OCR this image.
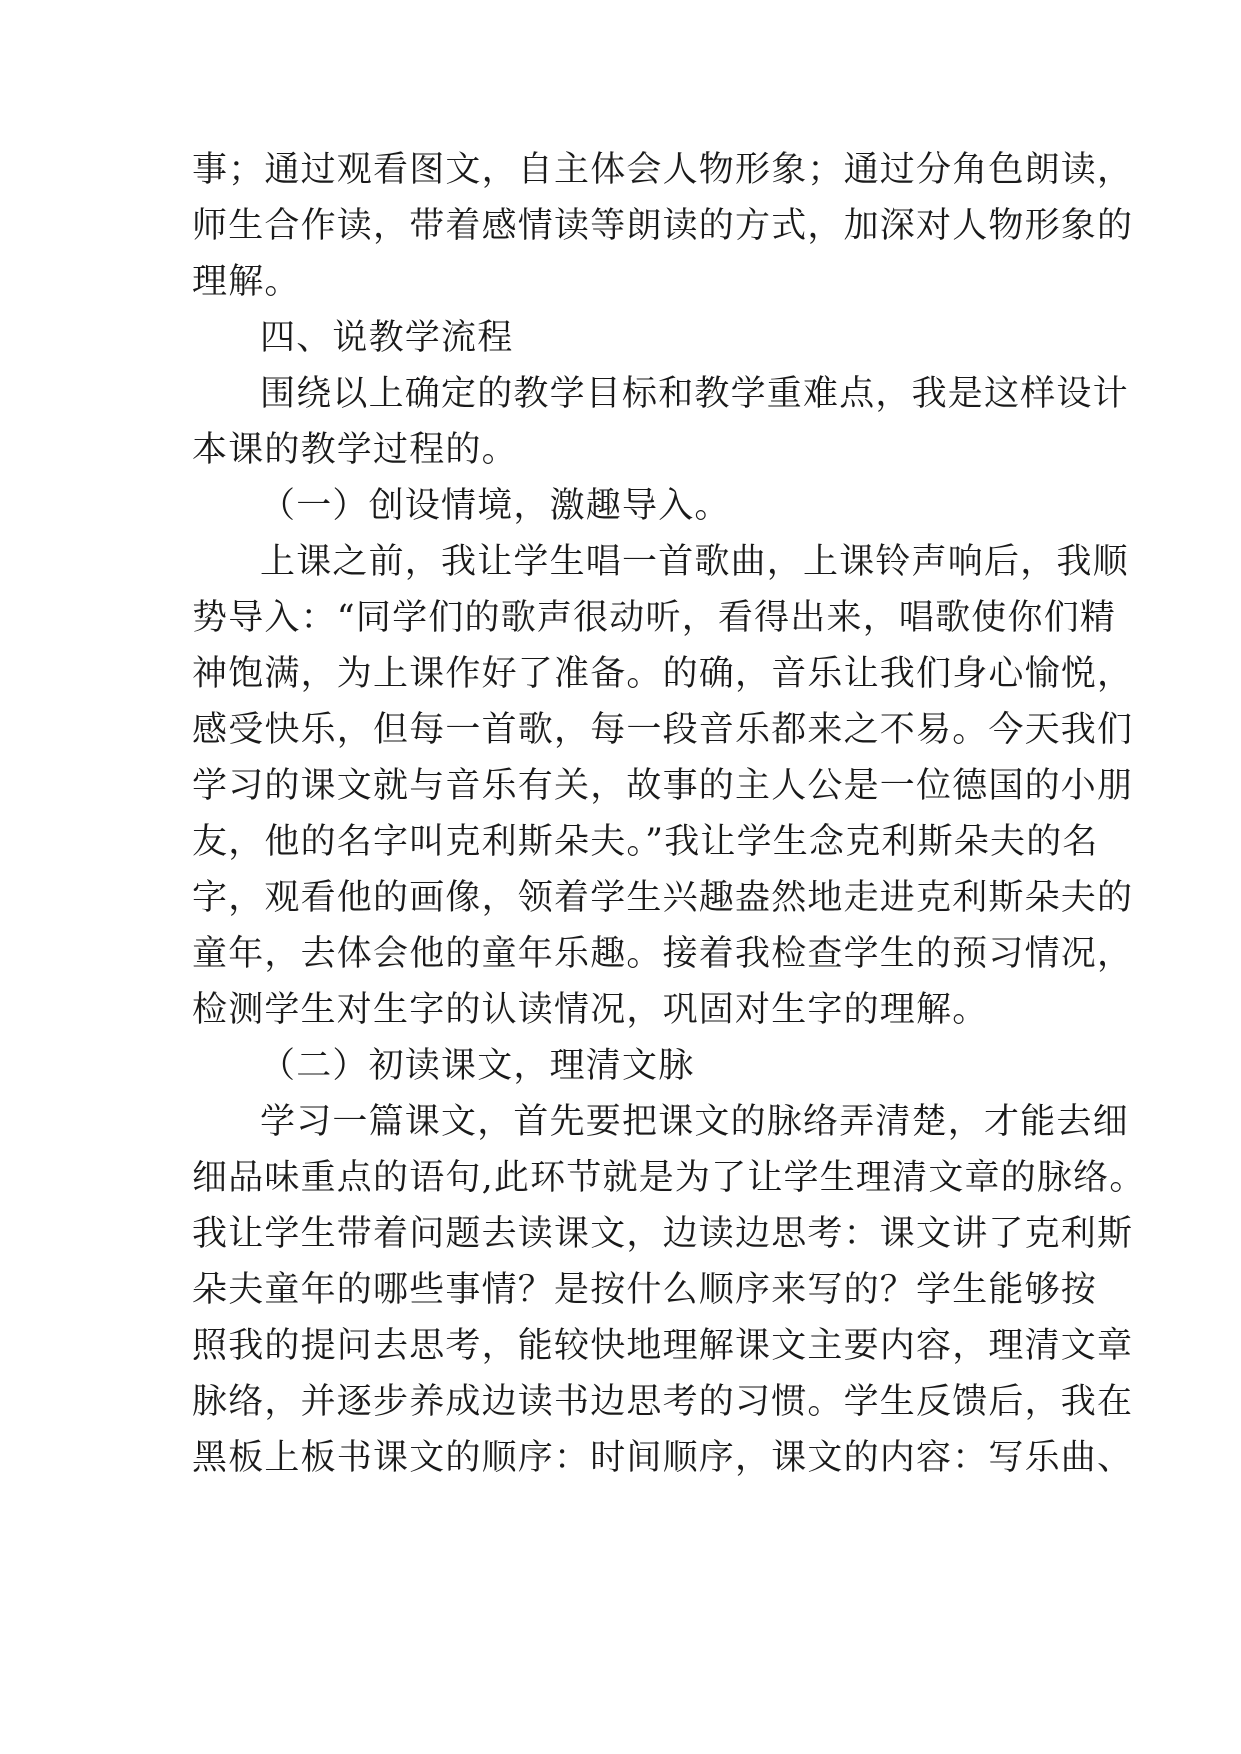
事；通过观看图文，自主体会人物形象；通过分角色朗读，
师生合作读，带着感情读等朗读的方式，加深对人物形象的
理解。
四、说教学流程
围绕以上确定的教学目标和教学重难点，我是这样设计
本课的教学过程的。
（一）创设情境，激趣导入。
上课之前，我让学生唱一首歌曲，上课铃声响后，我顺
势导入：“同学们的歌声很动听，看得出来，唱歌使你们精
神饱满，为上课作好了准备。的确，音乐让我们身心愉悦，
感受快乐，但每一首歌，每一段音乐都来之不易。今天我们
学习的课文就与音乐有关，故事的主人公是一位德国的小朋
友，他的名字叫克利斯朵夫。”我让学生念克利斯朵夫的名
字，观看他的画像，领着学生兴趣盎然地走进克利斯朵夫的
童年，去体会他的童年乐趣。接着我检查学生的预习情况，
检测学生对生字的认读情况，巩固对生字的理解。
（二）初读课文，理清文脉
学习一篇课文，首先要把课文的脉络弄清楚，才能去细
细品味重点的语句,此环节就是为了让学生理清文章的脉络。
我让学生带着问题去读课文，边读边思考：课文讲了克利斯
朵夫童年的哪些事情？是按什么顺序来写的？学生能够按
照我的提问去思考，能较快地理解课文主要内容，理清文章
脉络，并逐步养成边读书边思考的习惯。学生反馈后，我在
黑板上板书课文的顺序：时间顺序，课文的内容：写乐曲、
